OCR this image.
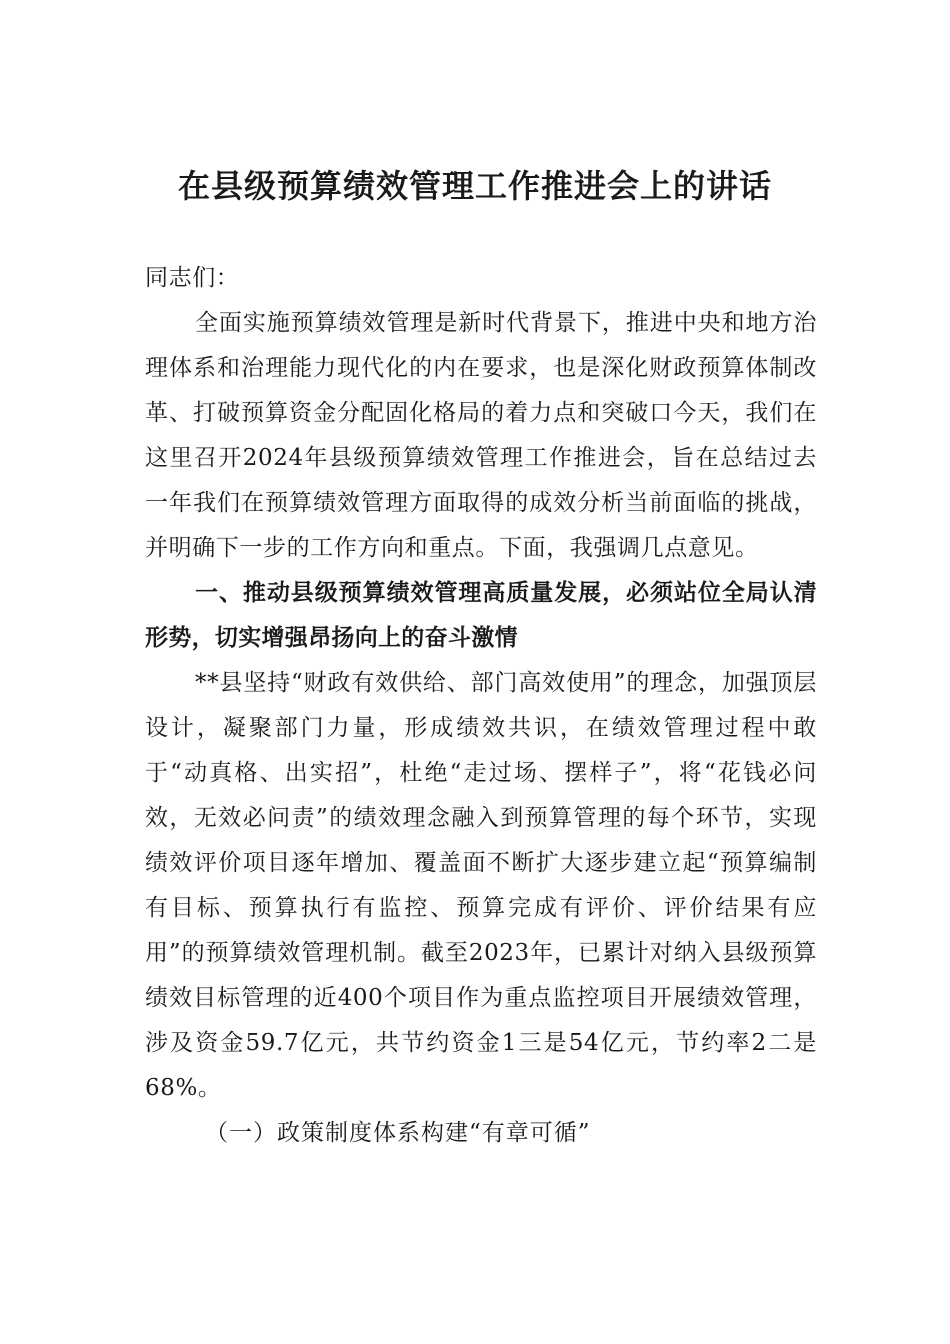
在县级预算绩效管理工作推进会上的讲话

同志们：

全面实施预算绩效管理是新时代背景下，推进中央和地方治理体系和治理能力现代化的内在要求，也是深化财政预算体制改革、打破预算资金分配固化格局的着力点和突破口今天，我们在这里召开2024年县级预算绩效管理工作推进会，旨在总结过去一年我们在预算绩效管理方面取得的成效分析当前面临的挑战，并明确下一步的工作方向和重点。下面，我强调几点意见。

一、推动县级预算绩效管理高质量发展，必须站位全局认清形势，切实增强昂扬向上的奋斗激情

**县坚持“财政有效供给、部门高效使用”的理念，加强顶层设计，凝聚部门力量，形成绩效共识，在绩效管理过程中敢于“动真格、出实招”，杜绝“走过场、摆样子”，将“花钱必问效，无效必问责”的绩效理念融入到预算管理的每个环节，实现绩效评价项目逐年增加、覆盖面不断扩大逐步建立起“预算编制有目标、预算执行有监控、预算完成有评价、评价结果有应用”的预算绩效管理机制。截至2023年，已累计对纳入县级预算绩效目标管理的近400个项目作为重点监控项目开展绩效管理，涉及资金59.7亿元，共节约资金1三是54亿元，节约率2二是68%。

（一）政策制度体系构建“有章可循”
